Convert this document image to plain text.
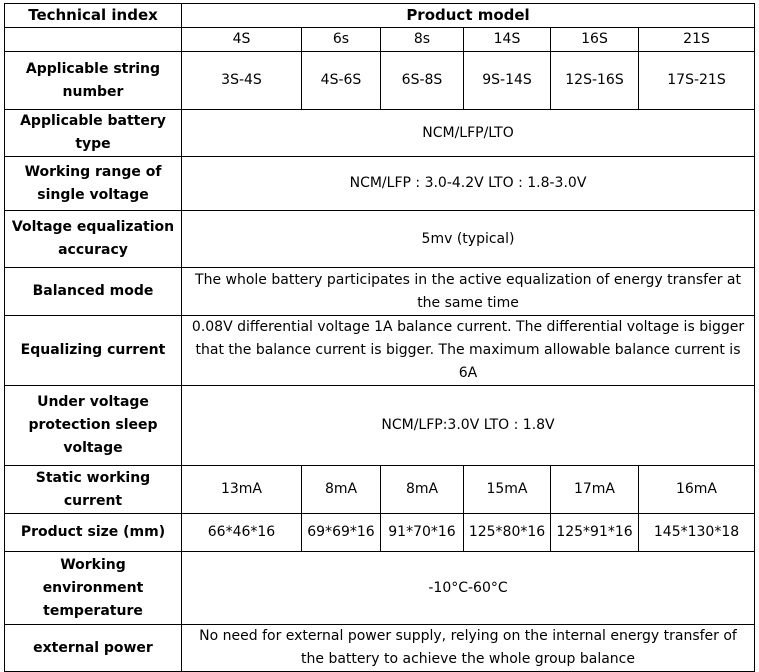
Technical index	Product model					
	4S	6s	8s	14S	16S	21S
Applicable string number	3S-4S	4S-6S	6S-8S	9S-14S	12S-16S	17S-21S
Applicable battery type	NCM/LFP/LTO					
Working range of single voltage	NCM/LFP : 3.0-4.2V LTO : 1.8-3.0V					
Voltage equalization accuracy	5mv (typical)					
Balanced mode	The whole battery participates in the active equalization of energy transfer at the same time					
Equalizing current	0.08V differential voltage 1A balance current. The differential voltage is bigger that the balance current is bigger. The maximum allowable balance current is 6A					
Under voltage protection sleep voltage	NCM/LFP:3.0V LTO : 1.8V					
Static working current	13mA	8mA	8mA	15mA	17mA	16mA
Product size (mm)	66*46*16	69*69*16	91*70*16	125*80*16	125*91*16	145*130*18
Working environment temperature	-10°C-60°C					
external power	No need for external power supply, relying on the internal energy transfer of the battery to achieve the whole group balance					
